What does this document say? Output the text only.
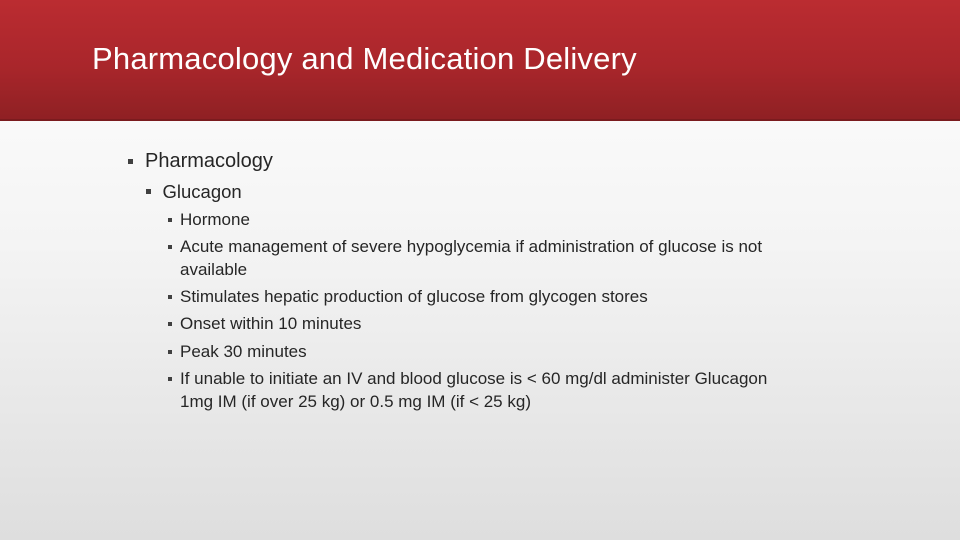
Pharmacology and Medication Delivery
Pharmacology
Glucagon
Hormone
Acute management of severe hypoglycemia if administration of glucose is not available
Stimulates hepatic production of glucose from glycogen stores
Onset within 10 minutes
Peak 30 minutes
If unable to initiate an IV and blood glucose is < 60 mg/dl administer Glucagon 1mg IM (if over 25 kg) or 0.5 mg IM (if < 25 kg)
